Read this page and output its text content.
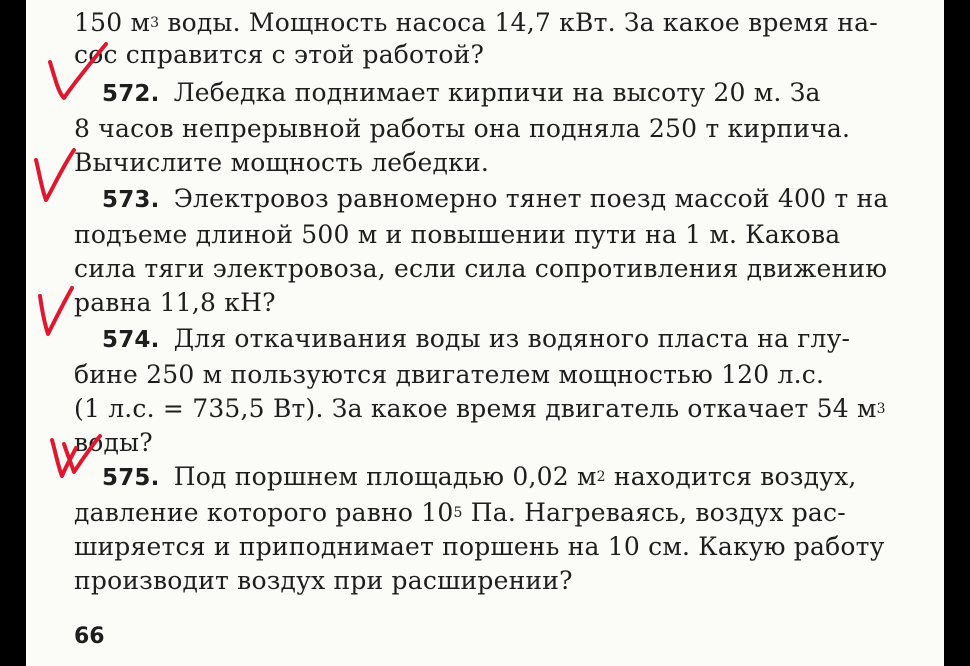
150 $м^3$ воды. Мощность насоса 14,7 кВт. За какое время на-
сос справится с этой работой?
572. Лебедка поднимает кирпичи на высоту 20 м. За
8 часов непрерывной работы она подняла 250 т кирпича.
Вычислите мощность лебедки.
573. Электровоз равномерно тянет поезд массой 400 т на
подъеме длиной 500 м и повышении пути на 1 м. Какова
сила тяги электровоза, если сила сопротивления движению
равна 11,8 кН?
574. Для откачивания воды из водяного пласта на глу-
бине 250 м пользуются двигателем мощностью 120 л.с.
(1 л.с. = 735,5 Вт). За какое время двигатель откачает 54 $м^3$
воды?
575. Под поршнем площадью 0,02 $м^2$ находится воздух,
давление которого равно $10^5$ Па. Нагреваясь, воздух рас-
ширяется и приподнимает поршень на 10 см. Какую работу
производит воздух при расширении?
66
